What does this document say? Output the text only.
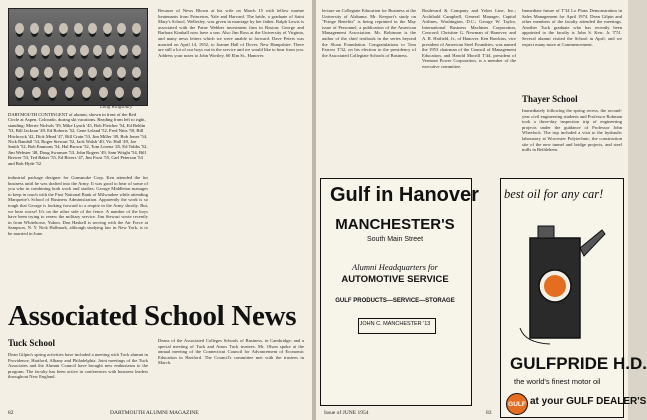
Long Kingsbury
DARTMOUTH CONTINGENT of alumni, shown in front of the Red Circle at Aspen, Colorado, during ski vacations. Reading from left to right, standing: Merrie Nichols '39, Mike Lynch '45, Bob Fletcher '54, Ed Rehlin '53, Bill Jackson '49, Ed Roberts '52, Gene Leland '52, Fred Nitts '50, Bill Hitchcock '42, Dick Mead '47, Bill Crain '53, Jim Miller '49, Bob Jones '54, Nick Randall '54, Roger Stewart '52, Jack Walsh '40, Vic Hall '49, Joe Smith '52, Bob Emmons '54, Hal Brown '52, Tom Lorenz '45, Ed Tubbs '52, Jim Webster '48, Doug Swanson '53, John Rogers '49, Sam Wright '54, Bill Brewer '53, Ted Baker '55, Ed Rivers '47, Jim Frost '55, Carl Peterson '54 and Bob Hyde '52.
industrial package designer for Gunsmoke Corp. Ken attended the fur business until he was drafted into the Army. It was good to hear of some of you who in combining both work and studies. George Middleton manages to keep in touch with the First National Bank of Milwaukee while attending Marquette's School of Business Administration. Apparently the work is so tough that George is looking forward to a respite in the Army shortly. But, we hear worse! It's on the other side of the fence. A number of the boys have been trying to renew the military service. Jim Stewart wrote recently in from Whitehorse, Yukon. Don Haskell is serving with the Air Force at Sampson, N. Y. Nick Hallmark, although studying law in New York, is to be married in June.
Because of News Blown at his wife on March 15 with fellow marine lieutenants from Princeton, Yale and Harvard. The bride, a graduate of Saint Mary's School, Wellesley, was given in marriage by her father. Ralph Lewis is associated with the Paine Webber investment firm in Boston; George and Barbara Kimball now have a son. Also Jim Ross at the University of Virginia, and many news letters which we were unable to forward. Dave Peters was married on April 14, 1952, to Joanne Hall of Dover, New Hampshire. There are still a lot of our boys out in the service and we would like to hear from you. Address your notes to John Wortley, 60 Elm St., Hanover.
Associated School News
Tuck School
Dean Gilpin's spring activities have included a meeting with Tuck alumni in Providence, Hartford, Albany and Philadelphia. Joint meetings of the Tuck Associates and the Alumni Council have brought new enthusiasm to the program. The faculty has been active in conferences with business leaders throughout New England.
Deans of the Associated Colleges Schools of Business, in Cambridge; and a special meeting of Tuck and Amos Tuck trustees. Mr. Olson spoke at the annual meeting of the Connecticut Council for Advancement of Economic Education in Hartford. The Council's committee met with the trustees in March.
82	DARTMOUTH ALUMNI MAGAZINE
lecture on Collegiate Education for Business at the University of Alabama. Mr. Keeport's study on "Fringe Benefits" is being reprinted in the May issue of Personnel, a publication of the American Management Association. Mr. Robinson is the author of the chief textbook in the series beyond the Sloan Foundation. Congratulations to Tom Farrow T'32, on his election to the presidency of the Associated Collegiate Schools of Business.
Boulevard & Company and Yokes Line, Inc.; Archibald Campbell, General Manager, Capital Airlines, Washington, D.C.; George W. Taylor, International Business Machines Corporation, Concord; Christine G. Newman of Hanover; and A. R. Hatfield, Jr., of Hanover. Ken Hawkins, vice president of American Steel Foundries, was named the 1953 chairman of the Council of Management Education, and Harold Morrill T'44, president of Vermont Power Corporation, is a member of the executive committee.
Immediate future of T'34 Lo Plans Demonstration in Sales Management for April 1974. Dean Gilpin and other members of the faculty attended the meetings. Another Tuck graduate who has recently been appointed to the faculty is John S. Kerr, Jr. T'51. Several alumni visited the School in April, and we expect many more at Commencement.
Thayer School
Immediately following the spring recess, the second-year civil engineering students and Professor Rohman took a three-day inspection trip of engineering projects under the guidance of Professor John Wheelock. The trip included a visit to the hydraulic laboratory at Worcester Polytechnic, the construction site of the new tunnel and bridge projects, and steel mills in Bethlehem.
Gulf in Hanover
MANCHESTER'S
South Main Street
Alumni Headquarters for
AUTOMOTIVE SERVICE
GULF PRODUCTS—SERVICE—STORAGE
JOHN C. MANCHESTER '13
Issue of JUNE 1954
best oil for any car!
GULFPRIDE H.D.
the world's finest motor oil
GULF at your GULF DEALER'S
83
